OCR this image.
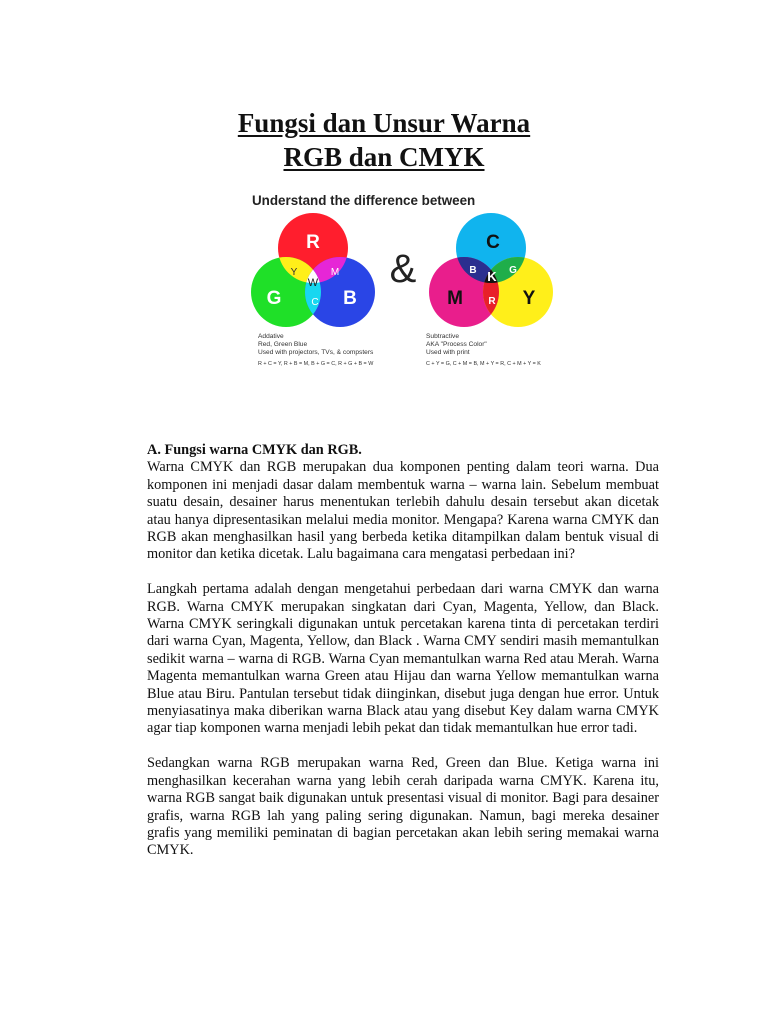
Fungsi dan Unsur Warna
RGB dan CMYK
Understand the difference between
R
G	B
Y	M
C
W &
C
M	Y
B	G
R
K
Addative
Red, Green Blue
Used with projectors, TVs, & compsters
R + C = Y, R + B = M, B + G = C, R + G + B = W
Subtractive
AKA "Process Color"
Used with print
C + Y = G, C + M = B, M + Y = R, C + M + Y = K
A. Fungsi warna CMYK dan RGB.

Warna CMYK dan RGB merupakan dua komponen penting dalam teori warna. Dua komponen ini menjadi dasar dalam membentuk warna – warna lain. Sebelum membuat suatu desain, desainer harus menentukan terlebih dahulu desain tersebut akan dicetak atau hanya dipresentasikan melalui media monitor. Mengapa? Karena warna CMYK dan RGB akan menghasilkan hasil yang berbeda ketika ditampilkan dalam bentuk visual di monitor dan ketika dicetak. Lalu bagaimana cara mengatasi perbedaan ini?

Langkah pertama adalah dengan mengetahui perbedaan dari warna CMYK dan warna RGB. Warna CMYK merupakan singkatan dari Cyan, Magenta, Yellow, dan Black. Warna CMYK seringkali digunakan untuk percetakan karena tinta di percetakan terdiri dari warna Cyan, Magenta, Yellow, dan Black . Warna CMY sendiri masih memantulkan sedikit warna – warna di RGB. Warna Cyan memantulkan warna Red atau Merah. Warna Magenta memantulkan warna Green atau Hijau dan warna Yellow memantulkan warna Blue atau Biru. Pantulan tersebut tidak diinginkan, disebut juga dengan hue error. Untuk menyiasatinya maka diberikan warna Black atau yang disebut Key dalam warna CMYK agar tiap komponen warna menjadi lebih pekat dan tidak memantulkan hue error tadi.

Sedangkan warna RGB merupakan warna Red, Green dan Blue. Ketiga warna ini menghasilkan kecerahan warna yang lebih cerah daripada warna CMYK. Karena itu, warna RGB sangat baik digunakan untuk presentasi visual di monitor. Bagi para desainer grafis, warna RGB lah yang paling sering digunakan. Namun, bagi mereka desainer grafis yang memiliki peminatan di bagian percetakan akan lebih sering memakai warna CMYK.
